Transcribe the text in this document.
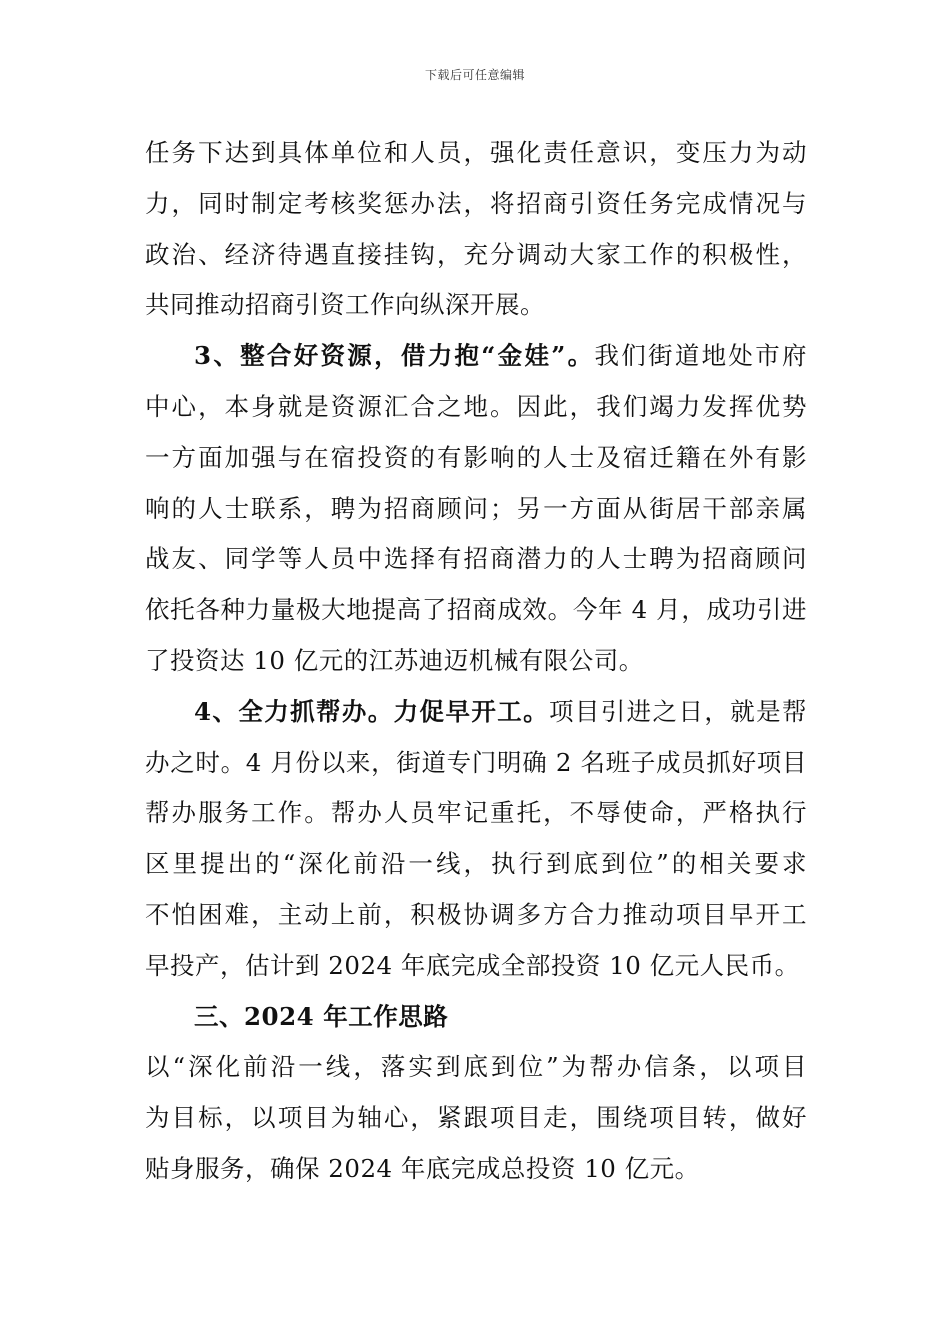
下载后可任意编辑
任务下达到具体单位和人员，强化责任意识，变压力为动
力，同时制定考核奖惩办法，将招商引资任务完成情况与
政治、经济待遇直接挂钩，充分调动大家工作的积极性，
共同推动招商引资工作向纵深开展。
3、整合好资源，借力抱“金娃”。我们街道地处市府
中心，本身就是资源汇合之地。因此，我们竭力发挥优势
一方面加强与在宿投资的有影响的人士及宿迁籍在外有影
响的人士联系，聘为招商顾问；另一方面从街居干部亲属
战友、同学等人员中选择有招商潜力的人士聘为招商顾问
依托各种力量极大地提高了招商成效。今年 4 月，成功引进
了投资达 10 亿元的江苏迪迈机械有限公司。
4、全力抓帮办。力促早开工。项目引进之日，就是帮
办之时。4 月份以来，街道专门明确 2 名班子成员抓好项目
帮办服务工作。帮办人员牢记重托，不辱使命，严格执行
区里提出的“深化前沿一线，执行到底到位”的相关要求
不怕困难，主动上前，积极协调多方合力推动项目早开工
早投产，估计到 2024 年底完成全部投资 10 亿元人民币。
三、2024 年工作思路
以“深化前沿一线，落实到底到位”为帮办信条，以项目
为目标，以项目为轴心，紧跟项目走，围绕项目转，做好
贴身服务，确保 2024 年底完成总投资 10 亿元。
